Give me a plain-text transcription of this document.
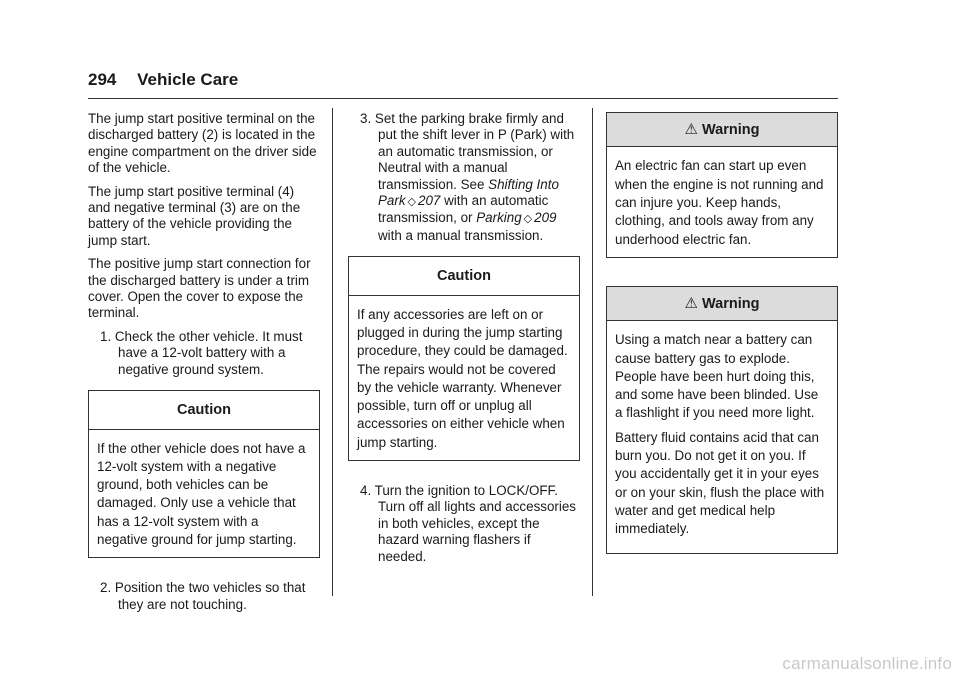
294 Vehicle Care

The jump start positive terminal on the discharged battery (2) is located in the engine compartment on the driver side of the vehicle.

The jump start positive terminal (4) and negative terminal (3) are on the battery of the vehicle providing the jump start.

The positive jump start connection for the discharged battery is under a trim cover. Open the cover to expose the terminal.

1. Check the other vehicle. It must have a 12-volt battery with a negative ground system.
Caution
If the other vehicle does not have a 12-volt system with a negative ground, both vehicles can be damaged. Only use a vehicle that has a 12-volt system with a negative ground for jump starting.
2. Position the two vehicles so that they are not touching.
3. Set the parking brake firmly and put the shift lever in P (Park) with an automatic transmission, or Neutral with a manual transmission. See Shifting Into Park ◇ 207 with an automatic transmission, or Parking ◇ 209 with a manual transmission.
Caution
If any accessories are left on or plugged in during the jump starting procedure, they could be damaged. The repairs would not be covered by the vehicle warranty. Whenever possible, turn off or unplug all accessories on either vehicle when jump starting.
4. Turn the ignition to LOCK/OFF. Turn off all lights and accessories in both vehicles, except the hazard warning flashers if needed.
⚠ Warning
An electric fan can start up even when the engine is not running and can injure you. Keep hands, clothing, and tools away from any underhood electric fan.
⚠ Warning

Using a match near a battery can cause battery gas to explode. People have been hurt doing this, and some have been blinded. Use a flashlight if you need more light.

Battery fluid contains acid that can burn you. Do not get it on you. If you accidentally get it in your eyes or on your skin, flush the place with water and get medical help immediately.

carmanualsonline.info
